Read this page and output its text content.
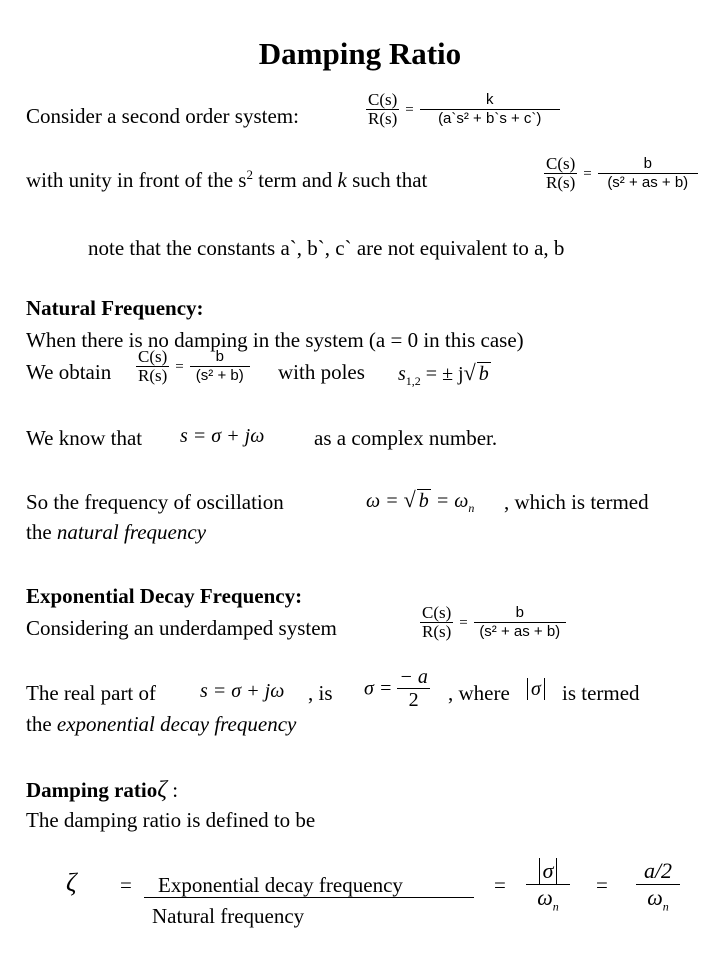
Damping Ratio
Consider a second order system:	$\frac{C(s)}{R(s)} = \frac{k}{\text{(a`s² + b`s + c`)}}$
with unity in front of the $s^2$ term and k such that	$\frac{C(s)}{R(s)} = \frac{b}{\text{(s² + as + b)}}$
note that the constants a`, b`, c` are not equivalent to a, b
Natural Frequency:
When there is no damping in the system (a = 0 in this case)
We obtain $\frac{C(s)}{R(s)} = \frac{b}{\text{(s² + b)}}$ with poles $s_{1,2}$ = ± j√ b
We know that s = σ + jω as a complex number.
So the frequency of oscillation	ω = √ $b = \omega_n$ , which is termed
the natural frequency
Exponential Decay Frequency:
Considering an underdamped system	$\frac{C(s)}{R(s)} = \frac{b}{\text{(s² + as + b)}}$
The real part of s = σ + jω , is $\sigma = \frac{- a}{2}$ , where σ is termed
the exponential decay frequency
Damping ratioζ :
The damping ratio is defined to be
ζ = Exponential decay frequency
Natural frequency
= $\frac{\sigma}{\omega_n} = \frac{a/2}{\omega_n}$
